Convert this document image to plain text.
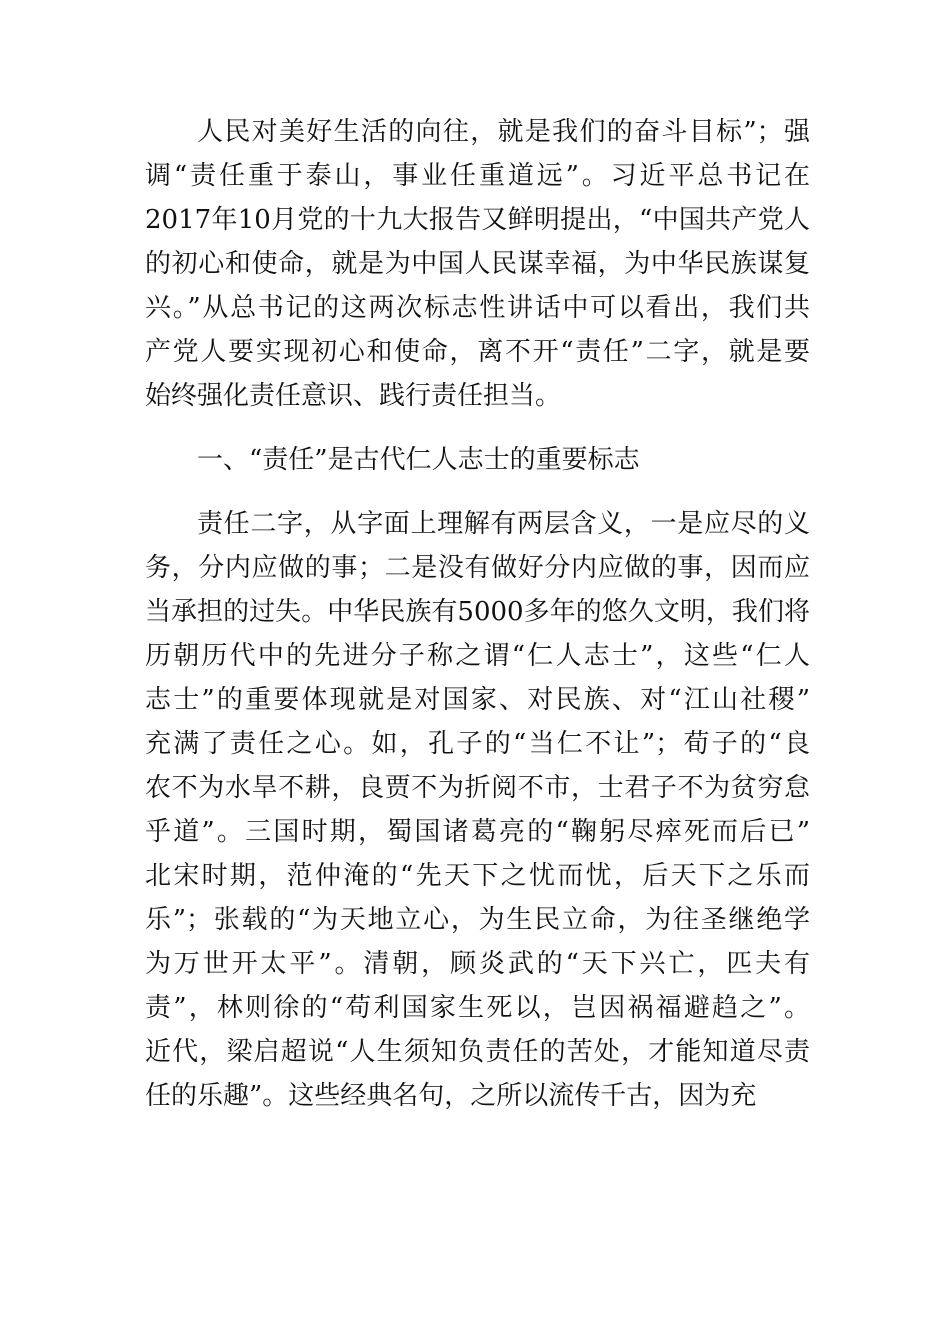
人民对美好生活的向往，就是我们的奋斗目标”；强
调“责任重于泰山，事业任重道远”。习近平总书记在
2017年10月党的十九大报告又鲜明提出，“中国共产党人
的初心和使命，就是为中国人民谋幸福，为中华民族谋复
兴。”从总书记的这两次标志性讲话中可以看出，我们共
产党人要实现初心和使命，离不开“责任”二字，就是要
始终强化责任意识、践行责任担当。
一、“责任”是古代仁人志士的重要标志
责任二字，从字面上理解有两层含义，一是应尽的义
务，分内应做的事；二是没有做好分内应做的事，因而应
当承担的过失。中华民族有5000多年的悠久文明，我们将
历朝历代中的先进分子称之谓“仁人志士”，这些“仁人
志士”的重要体现就是对国家、对民族、对“江山社稷”
充满了责任之心。如，孔子的“当仁不让”；荀子的“良
农不为水旱不耕，良贾不为折阅不市，士君子不为贫穷怠
乎道”。三国时期，蜀国诸葛亮的“鞠躬尽瘁死而后已”
北宋时期，范仲淹的“先天下之忧而忧，后天下之乐而
乐”；张载的“为天地立心，为生民立命，为往圣继绝学
为万世开太平”。清朝，顾炎武的“天下兴亡，匹夫有
责”，林则徐的“苟利国家生死以，岂因祸福避趋之”。
近代，梁启超说“人生须知负责任的苦处，才能知道尽责
任的乐趣”。这些经典名句，之所以流传千古，因为充
